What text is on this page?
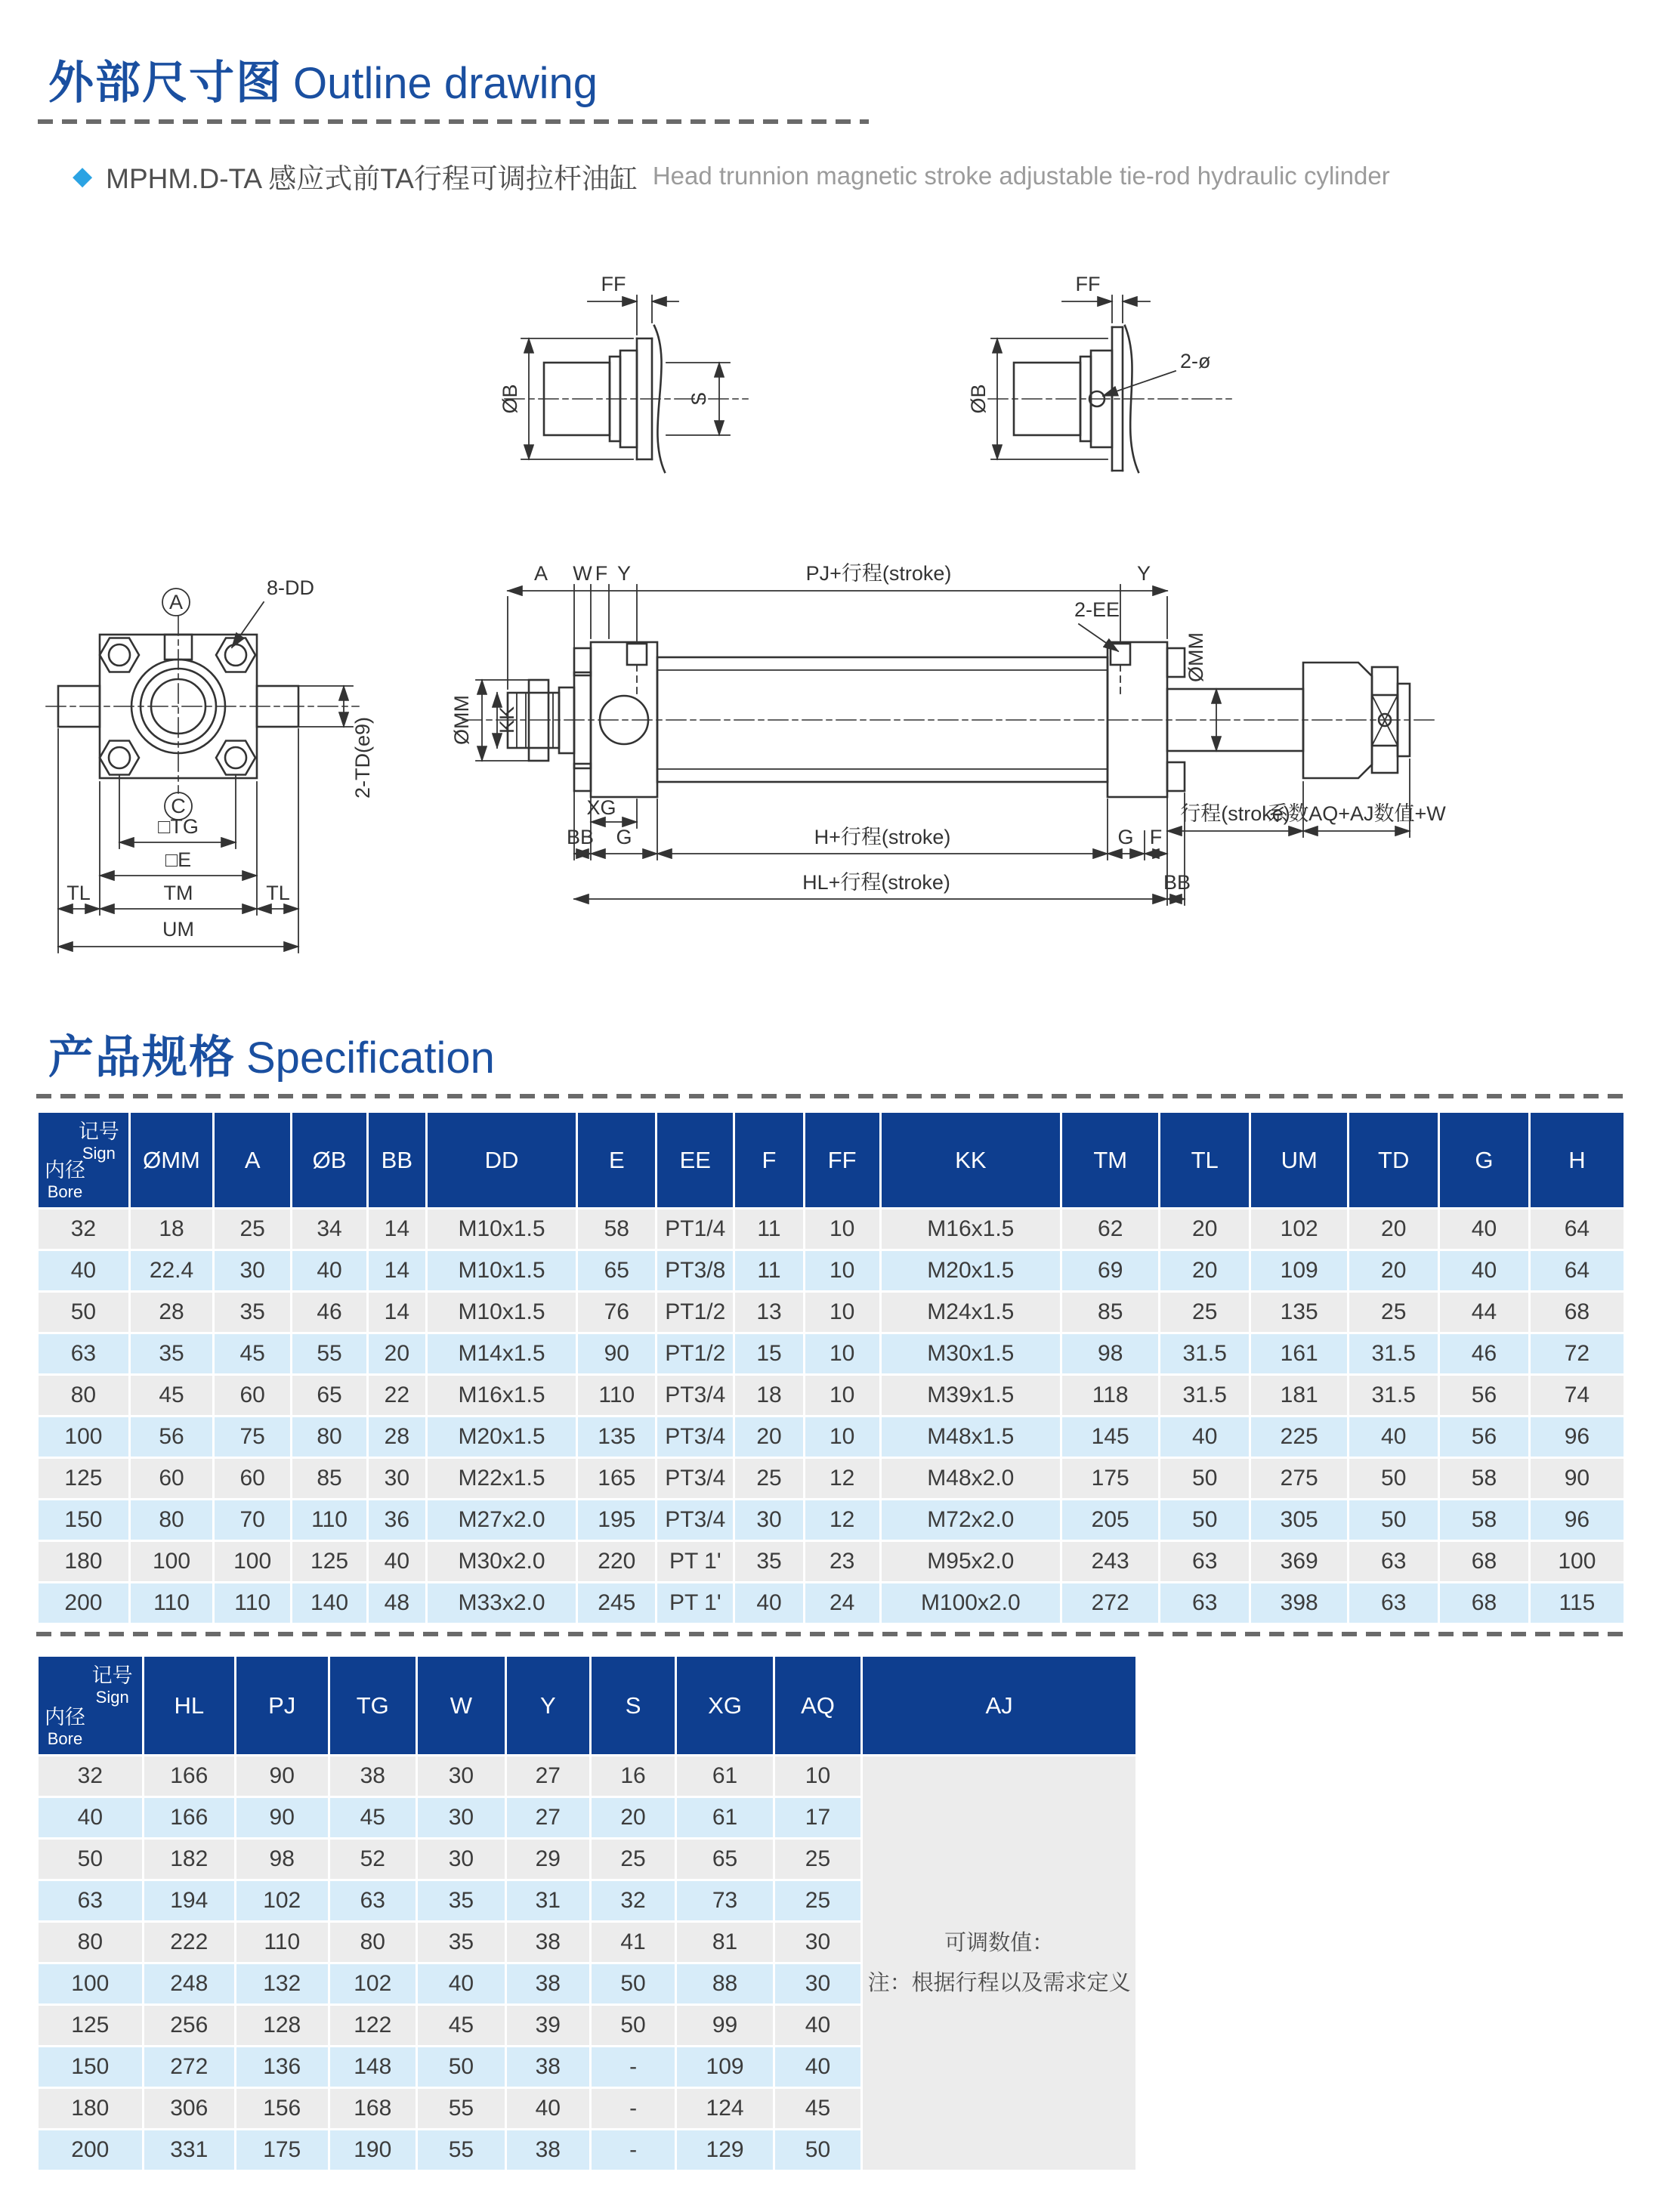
外部尺寸图 Outline drawing
◆ MPHM.D-TA 感应式前TA行程可调拉杆油缸 Head trunnion magnetic stroke adjustable tie-rod hydraulic cylinder
FF
ØB	S
FF
ØB
2-ø
A
C
8-DD
2-TD(e9)
□TG
□E
TL	TM	TL
UM
A W F Y	PJ+行程(stroke)	Y
2-EE
ØMM KK
ØMM
XG
BB G	H+行程(stroke)	G F
HL+行程(stroke)	BB
行程(stroke)
系数AQ+AJ数值+W
产品规格 Specification
记号
Sign
内径
Bore	ØMM	A	ØB	BB	DD	E	EE	F	FF	KK	TM	TL	UM	TD	G	H
32	18	25	34	14	M10x1.5	58	PT1/4	11	10	M16x1.5	62	20	102	20	40	64
40	22.4	30	40	14	M10x1.5	65	PT3/8	11	10	M20x1.5	69	20	109	20	40	64
50	28	35	46	14	M10x1.5	76	PT1/2	13	10	M24x1.5	85	25	135	25	44	68
63	35	45	55	20	M14x1.5	90	PT1/2	15	10	M30x1.5	98	31.5	161	31.5	46	72
80	45	60	65	22	M16x1.5	110	PT3/4	18	10	M39x1.5	118	31.5	181	31.5	56	74
100	56	75	80	28	M20x1.5	135	PT3/4	20	10	M48x1.5	145	40	225	40	56	96
125	60	60	85	30	M22x1.5	165	PT3/4	25	12	M48x2.0	175	50	275	50	58	90
150	80	70	110	36	M27x2.0	195	PT3/4	30	12	M72x2.0	205	50	305	50	58	96
180	100	100	125	40	M30x2.0	220	PT 1'	35	23	M95x2.0	243	63	369	63	68	100
200	110	110	140	48	M33x2.0	245	PT 1'	40	24	M100x2.0	272	63	398	63	68	115
记号
Sign
内径
Bore	HL	PJ	TG	W	Y	S	XG	AQ	AJ
32	166	90	38	30	27	16	61	10	可调数值：
注：根据行程以及需求定义

40	166	90	45	30	27	20	61	17	
50	182	98	52	30	29	25	65	25	
63	194	102	63	35	31	32	73	25	
80	222	110	80	35	38	41	81	30	
100	248	132	102	40	38	50	88	30	
125	256	128	122	45	39	50	99	40	
150	272	136	148	50	38	-	109	40	
180	306	156	168	55	40	-	124	45	
200	331	175	190	55	38	-	129	50	
